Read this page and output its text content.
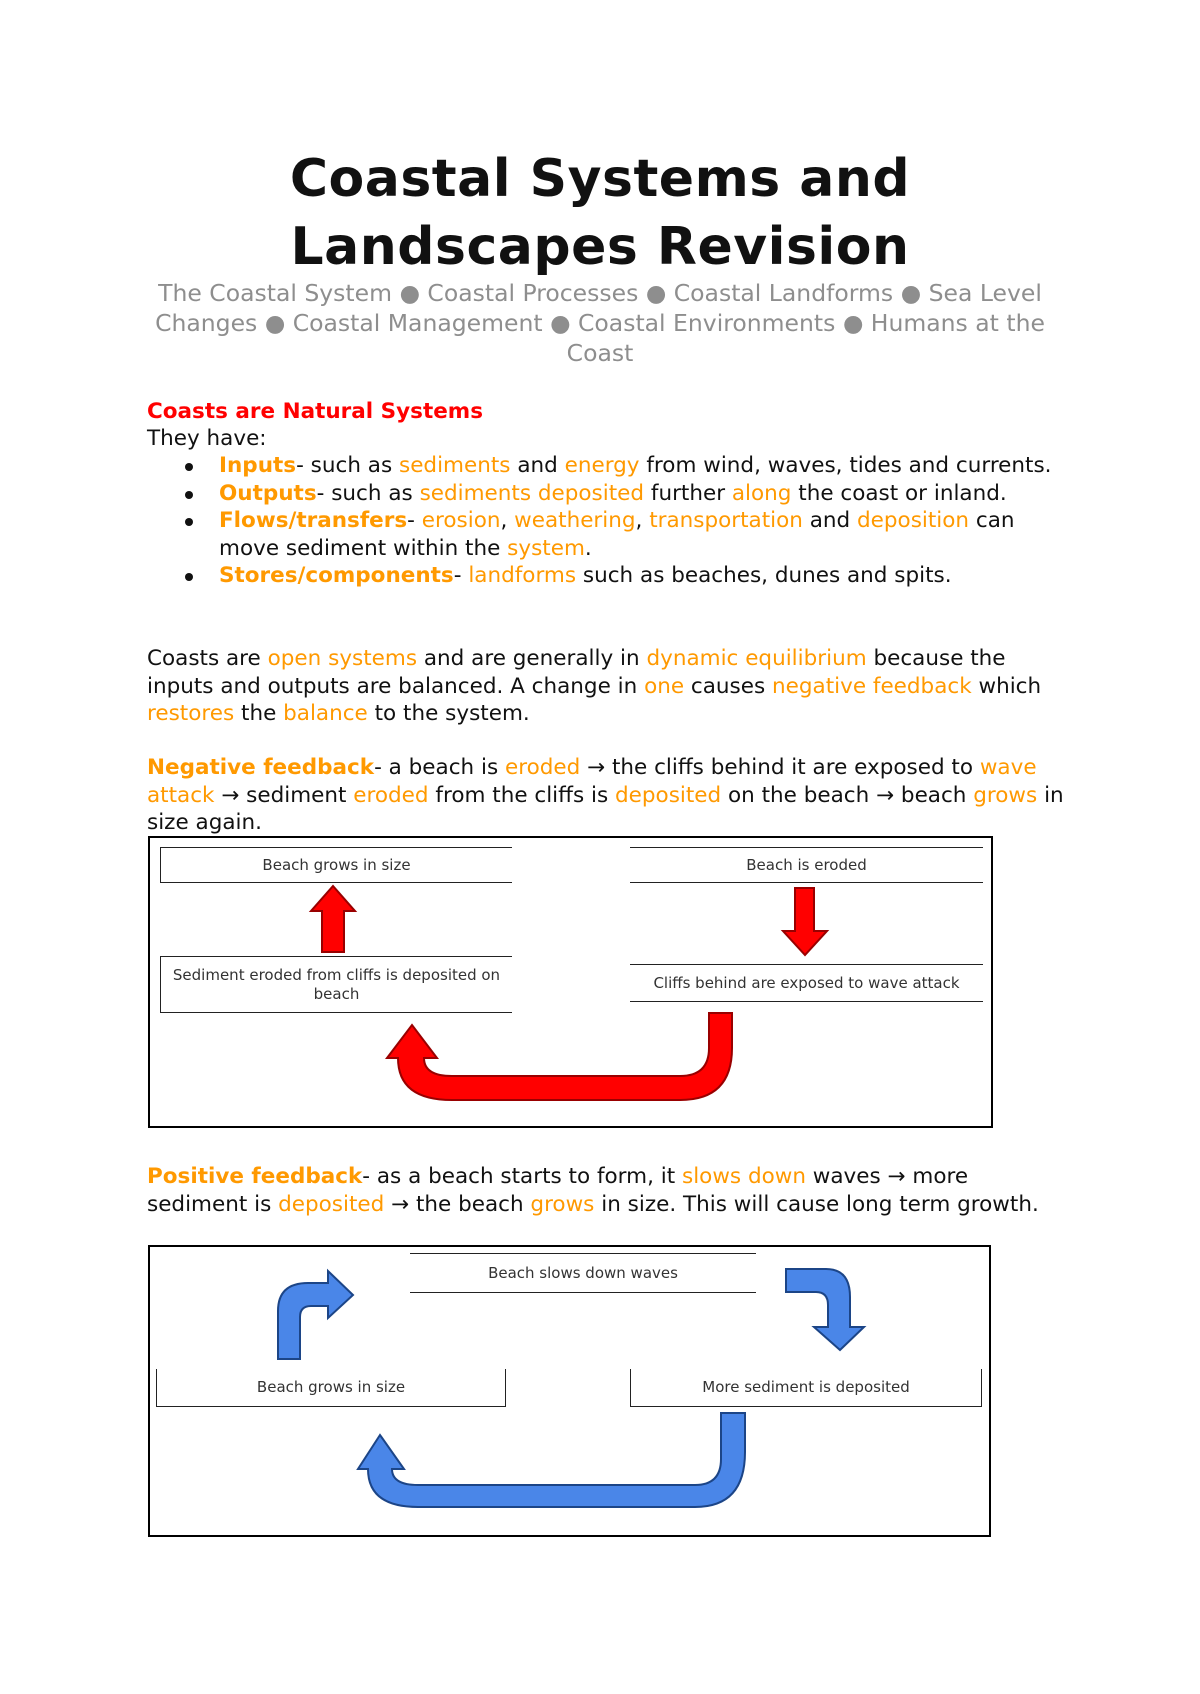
Coastal Systems and
Landscapes Revision
The Coastal System ● Coastal Processes ● Coastal Landforms ● Sea Level Changes ● Coastal Management ● Coastal Environments ● Humans at the Coast
Coasts are Natural Systems
They have:
Inputs- such as sediments and energy from wind, waves, tides and currents.
Outputs- such as sediments deposited further along the coast or inland.
Flows/transfers- erosion, weathering, transportation and deposition can move sediment within the system.
Stores/components- landforms such as beaches, dunes and spits.
Coasts are open systems and are generally in dynamic equilibrium because the inputs and outputs are balanced. A change in one causes negative feedback which restores the balance to the system.
Negative feedback- a beach is eroded → the cliffs behind it are exposed to wave attack → sediment eroded from the cliffs is deposited on the beach → beach grows in size again.
Beach grows in size	Beach is eroded
Sediment eroded from cliffs is deposited on beach
Cliffs behind are exposed to wave attack
Positive feedback- as a beach starts to form, it slows down waves → more sediment is deposited → the beach grows in size. This will cause long term growth.
Beach slows down waves
Beach grows in size	More sediment is deposited
